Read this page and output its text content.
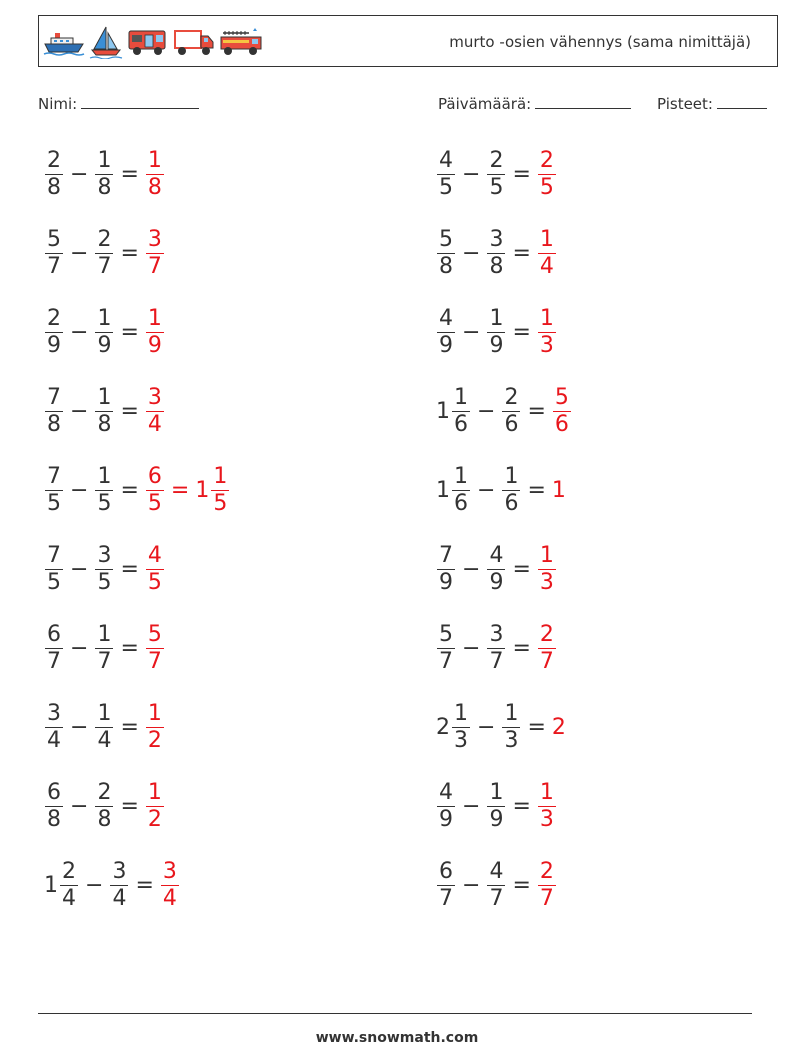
murto -osien vähennys (sama nimittäjä)
Nimi:	Päivämäärä:	Pisteet:
$\frac{2}{8} - \frac{1}{8} = \frac{1}{8}$	$\frac{4}{5} - \frac{2}{5} = \frac{2}{5}$
$\frac{5}{7} - \frac{2}{7} = \frac{3}{7}$	$\frac{5}{8} - \frac{3}{8} = \frac{1}{4}$
$\frac{2}{9} - \frac{1}{9} = \frac{1}{9}$	$\frac{4}{9} - \frac{1}{9} = \frac{1}{3}$
$\frac{7}{8} - \frac{1}{8} = \frac{3}{4}$	$1 \frac{1}{6} - \frac{2}{6} = \frac{5}{6}$
$\frac{7}{5} - \frac{1}{5} = \frac{6}{5} = 1 \frac{1}{5}$	$1 \frac{1}{6} - \frac{1}{6} = 1$
$\frac{7}{5} - \frac{3}{5} = \frac{4}{5}$	$\frac{7}{9} - \frac{4}{9} = \frac{1}{3}$
$\frac{6}{7} - \frac{1}{7} = \frac{5}{7}$	$\frac{5}{7} - \frac{3}{7} = \frac{2}{7}$
$\frac{3}{4} - \frac{1}{4} = \frac{1}{2}$	$2 \frac{1}{3} - \frac{1}{3} = 2$
$\frac{6}{8} - \frac{2}{8} = \frac{1}{2}$	$\frac{4}{9} - \frac{1}{9} = \frac{1}{3}$
$1 \frac{2}{4} - \frac{3}{4} = \frac{3}{4}$	$\frac{6}{7} - \frac{4}{7} = \frac{2}{7}$
www.snowmath.com
